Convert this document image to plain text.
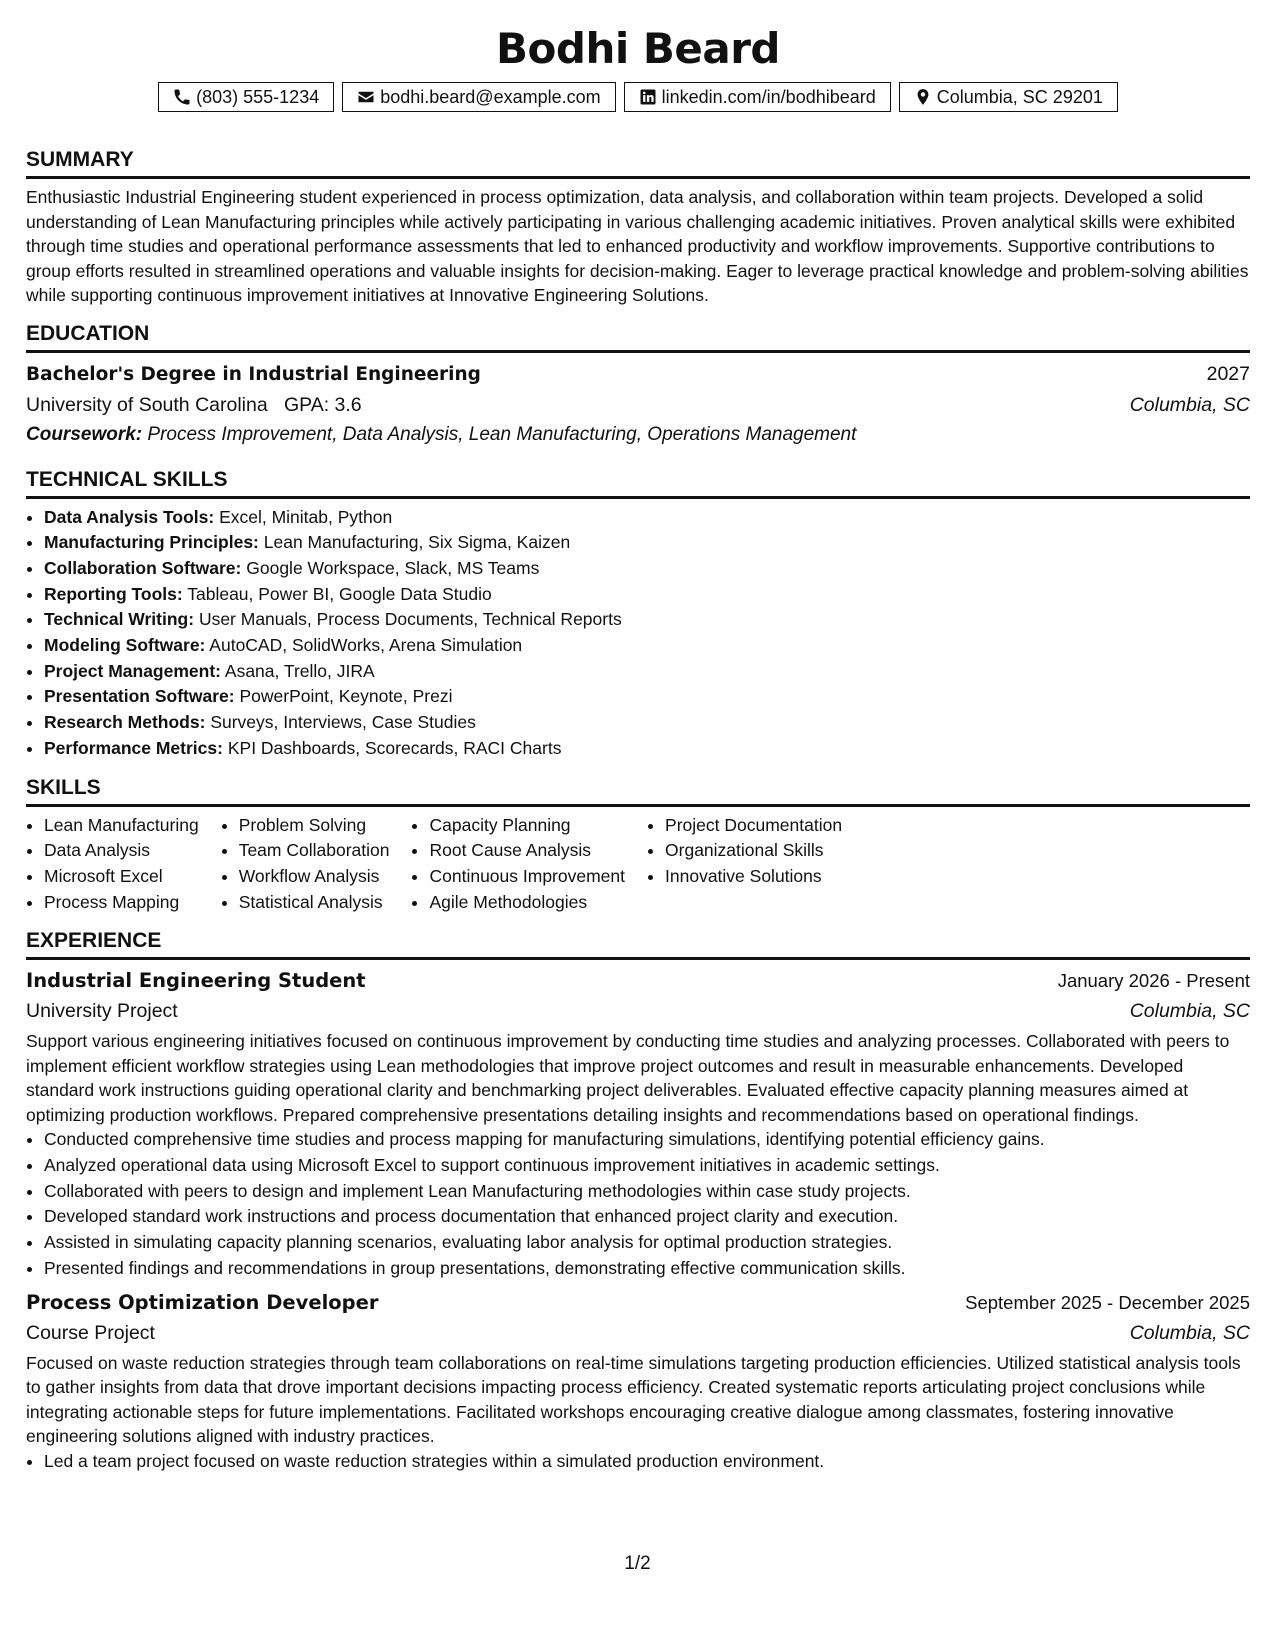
Bodhi Beard
(803) 555-1234	bodhi.beard@example.com	linkedin.com/in/bodhibeard	Columbia, SC 29201
SUMMARY
Enthusiastic Industrial Engineering student experienced in process optimization, data analysis, and collaboration within team projects. Developed a solid understanding of Lean Manufacturing principles while actively participating in various challenging academic initiatives. Proven analytical skills were exhibited through time studies and operational performance assessments that led to enhanced productivity and workflow improvements. Supportive contributions to group efforts resulted in streamlined operations and valuable insights for decision-making. Eager to leverage practical knowledge and problem-solving abilities while supporting continuous improvement initiatives at Innovative Engineering Solutions.
EDUCATION
Bachelor's Degree in Industrial Engineering	2027
University of South Carolina GPA: 3.6	Columbia, SC
Coursework: Process Improvement, Data Analysis, Lean Manufacturing, Operations Management
TECHNICAL SKILLS
• Data Analysis Tools: Excel, Minitab, Python
• Manufacturing Principles: Lean Manufacturing, Six Sigma, Kaizen
• Collaboration Software: Google Workspace, Slack, MS Teams
• Reporting Tools: Tableau, Power BI, Google Data Studio
• Technical Writing: User Manuals, Process Documents, Technical Reports
• Modeling Software: AutoCAD, SolidWorks, Arena Simulation
• Project Management: Asana, Trello, JIRA
• Presentation Software: PowerPoint, Keynote, Prezi
• Research Methods: Surveys, Interviews, Case Studies
• Performance Metrics: KPI Dashboards, Scorecards, RACI Charts
SKILLS
• Lean Manufacturing
• Data Analysis
• Microsoft Excel
• Process Mapping
• Problem Solving
• Team Collaboration
• Workflow Analysis
• Statistical Analysis
• Capacity Planning
• Root Cause Analysis
• Continuous Improvement
• Agile Methodologies
• Project Documentation
• Organizational Skills
• Innovative Solutions
EXPERIENCE
Industrial Engineering Student	January 2026 - Present
University Project	Columbia, SC
Support various engineering initiatives focused on continuous improvement by conducting time studies and analyzing processes. Collaborated with peers to implement efficient workflow strategies using Lean methodologies that improve project outcomes and result in measurable enhancements. Developed standard work instructions guiding operational clarity and benchmarking project deliverables. Evaluated effective capacity planning measures aimed at optimizing production workflows. Prepared comprehensive presentations detailing insights and recommendations based on operational findings.
• Conducted comprehensive time studies and process mapping for manufacturing simulations, identifying potential efficiency gains.
• Analyzed operational data using Microsoft Excel to support continuous improvement initiatives in academic settings.
• Collaborated with peers to design and implement Lean Manufacturing methodologies within case study projects.
• Developed standard work instructions and process documentation that enhanced project clarity and execution.
• Assisted in simulating capacity planning scenarios, evaluating labor analysis for optimal production strategies.
• Presented findings and recommendations in group presentations, demonstrating effective communication skills.
Process Optimization Developer	September 2025 - December 2025
Course Project	Columbia, SC
Focused on waste reduction strategies through team collaborations on real-time simulations targeting production efficiencies. Utilized statistical analysis tools to gather insights from data that drove important decisions impacting process efficiency. Created systematic reports articulating project conclusions while integrating actionable steps for future implementations. Facilitated workshops encouraging creative dialogue among classmates, fostering innovative engineering solutions aligned with industry practices.
• Led a team project focused on waste reduction strategies within a simulated production environment.
1/2
